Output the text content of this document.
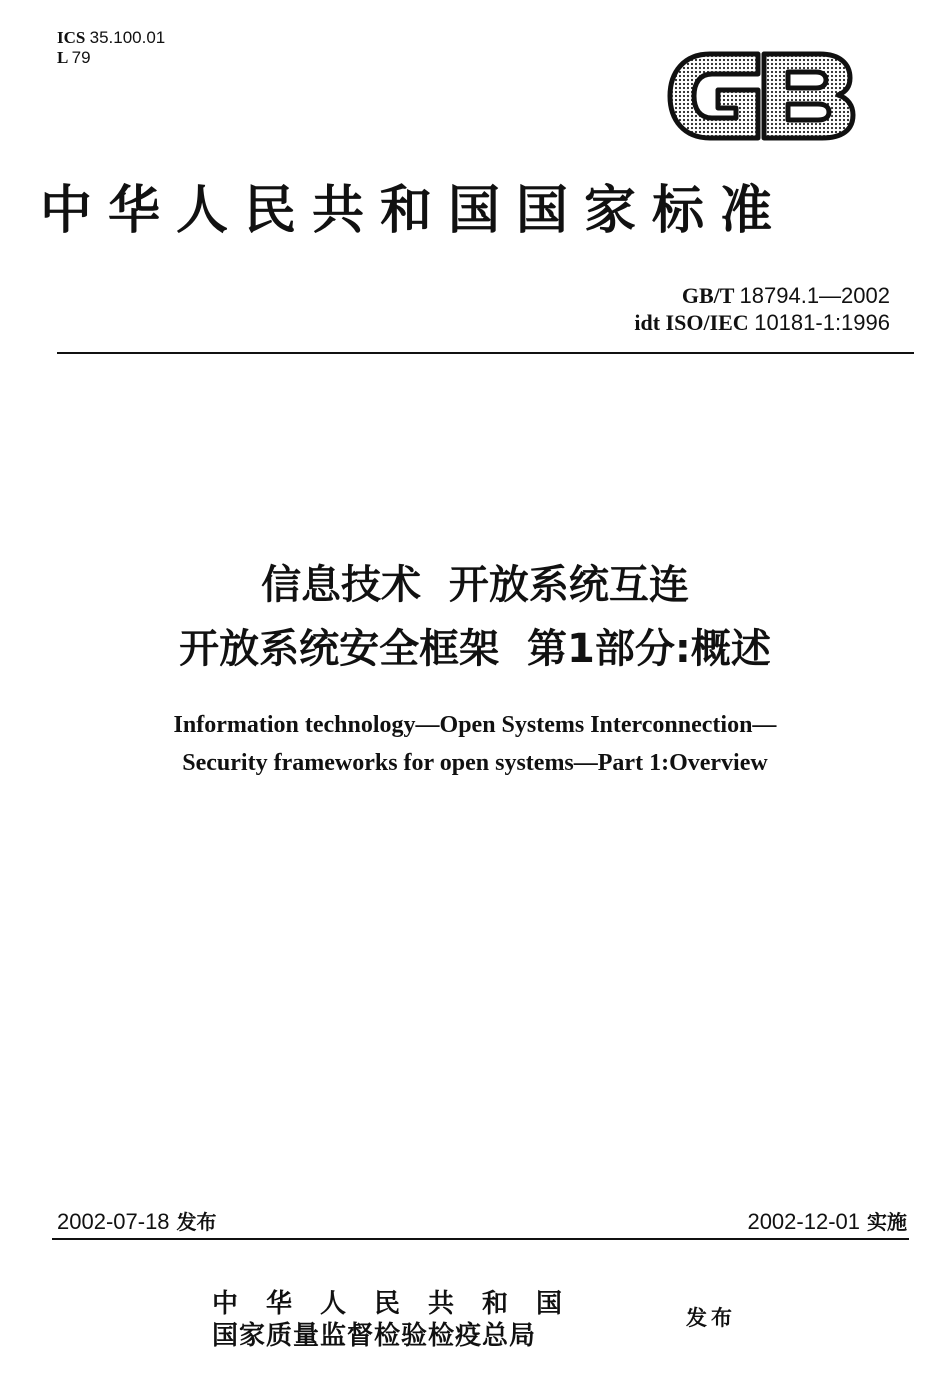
ICS 35.100.01
L 79
中华人民共和国国家标准
GB/T 18794.1—2002
idt ISO/IEC 10181-1:1996
信息技术  开放系统互连
开放系统安全框架  第1部分:概述
Information technology—Open Systems Interconnection—
Security frameworks for open systems—Part 1:Overview
2002-07-18 发布	2002-12-01 实施
中华人民共和国
国家质量监督检验检疫总局
发布
